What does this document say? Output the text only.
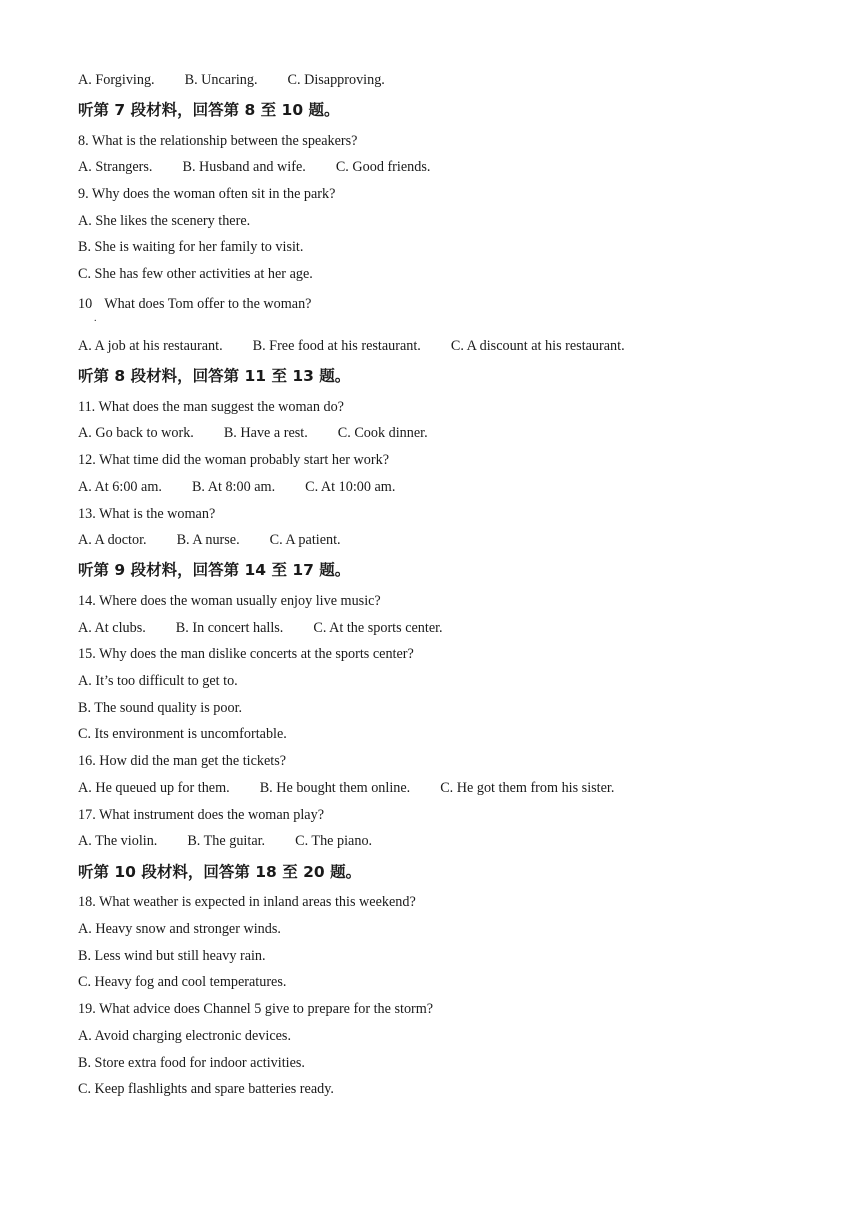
A. Forgiving. B. Uncaring. C. Disapproving.
听第 7 段材料，回答第 8 至 10 题。
8. What is the relationship between the speakers?
A. Strangers. B. Husband and wife. C. Good friends.
9. Why does the woman often sit in the park?
A. She likes the scenery there.
B. She is waiting for her family to visit.
C. She has few other activities at her age.
10 What does Tom offer to the woman?
.
A. A job at his restaurant. B. Free food at his restaurant. C. A discount at his restaurant.
听第 8 段材料，回答第 11 至 13 题。
11. What does the man suggest the woman do?
A. Go back to work. B. Have a rest. C. Cook dinner.
12. What time did the woman probably start her work?
A. At 6:00 am. B. At 8:00 am. C. At 10:00 am.
13. What is the woman?
A. A doctor. B. A nurse. C. A patient.
听第 9 段材料，回答第 14 至 17 题。
14. Where does the woman usually enjoy live music?
A. At clubs. B. In concert halls. C. At the sports center.
15. Why does the man dislike concerts at the sports center?
A. It’s too difficult to get to.
B. The sound quality is poor.
C. Its environment is uncomfortable.
16. How did the man get the tickets?
A. He queued up for them. B. He bought them online. C. He got them from his sister.
17. What instrument does the woman play?
A. The violin. B. The guitar. C. The piano.
听第 10 段材料，回答第 18 至 20 题。
18. What weather is expected in inland areas this weekend?
A. Heavy snow and stronger winds.
B. Less wind but still heavy rain.
C. Heavy fog and cool temperatures.
19. What advice does Channel 5 give to prepare for the storm?
A. Avoid charging electronic devices.
B. Store extra food for indoor activities.
C. Keep flashlights and spare batteries ready.
